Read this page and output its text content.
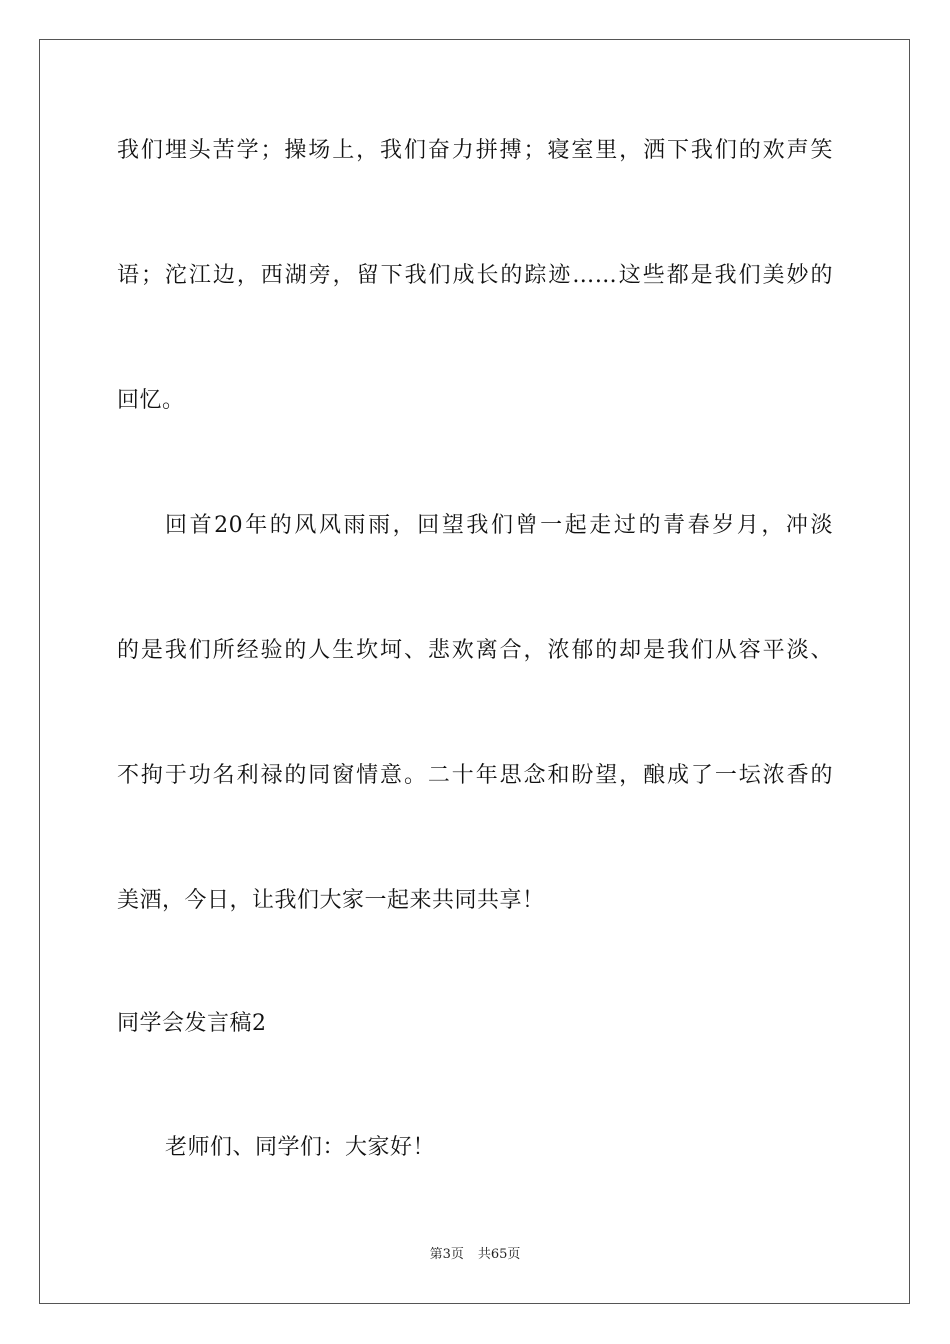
我们埋头苦学；操场上，我们奋力拼搏；寝室里，洒下我们的欢声笑
语；沱江边，西湖旁，留下我们成长的踪迹……这些都是我们美妙的
回忆。
回首20年的风风雨雨，回望我们曾一起走过的青春岁月，冲淡
的是我们所经验的人生坎坷、悲欢离合，浓郁的却是我们从容平淡、
不拘于功名利禄的同窗情意。二十年思念和盼望，酿成了一坛浓香的
美酒，今日，让我们大家一起来共同共享！
同学会发言稿2
老师们、同学们：大家好！
第3页 共65页
